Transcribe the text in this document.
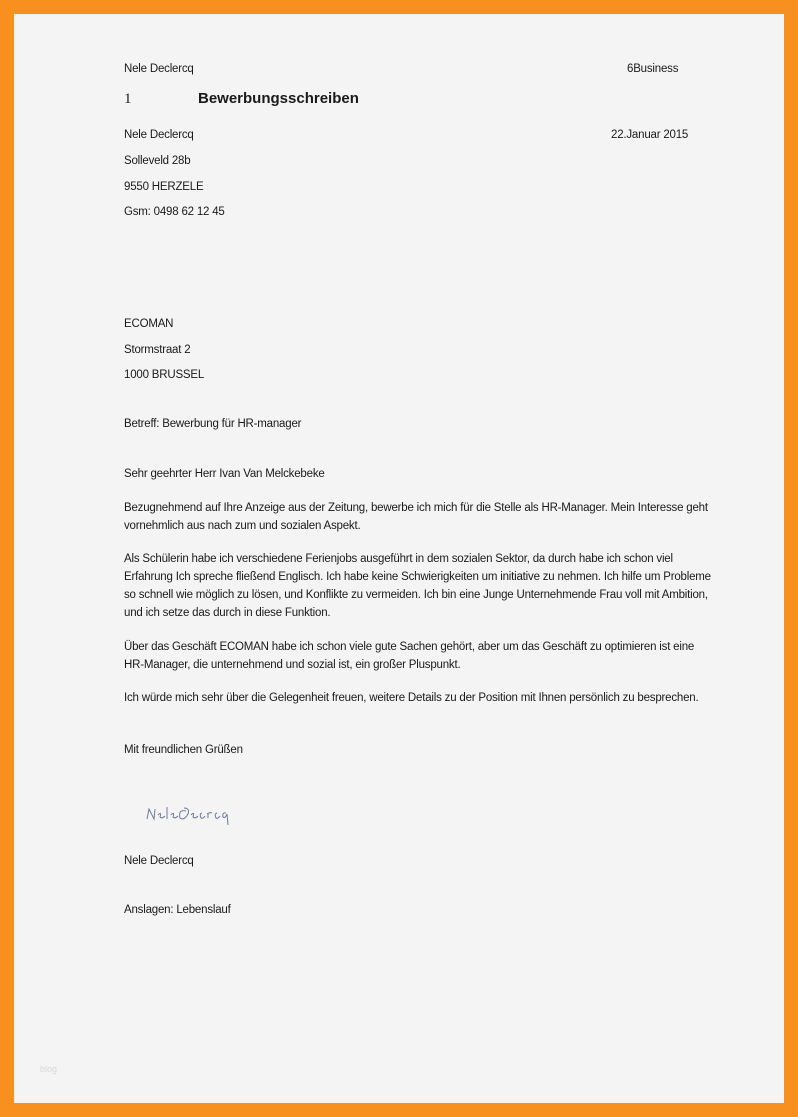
Nele Declercq	6Business
1	Bewerbungsschreiben
Nele Declercq	22.Januar 2015
Solleveld 28b
9550 HERZELE
Gsm: 0498 62 12 45
ECOMAN
Stormstraat 2
1000 BRUSSEL
Betreff: Bewerbung für HR-manager
Sehr geehrter Herr Ivan Van Melckebeke
Bezugnehmend auf Ihre Anzeige aus der Zeitung, bewerbe ich mich für die Stelle als HR-Manager. Mein Interesse geht vornehmlich aus nach zum und sozialen Aspekt.
Als Schülerin habe ich verschiedene Ferienjobs ausgeführt in dem sozialen Sektor, da durch habe ich schon viel Erfahrung Ich spreche fließend Englisch. Ich habe keine Schwierigkeiten um initiative zu nehmen. Ich hilfe um Probleme so schnell wie möglich zu lösen, und Konflikte zu vermeiden. Ich bin eine Junge Unternehmende Frau voll mit Ambition, und ich setze das durch in diese Funktion.
Über das Geschäft ECOMAN habe ich schon viele gute Sachen gehört, aber um das Geschäft zu optimieren ist eine HR-Manager, die unternehmend und sozial ist, ein großer Pluspunkt.
Ich würde mich sehr über die Gelegenheit freuen, weitere Details zu der Position mit Ihnen persönlich zu besprechen.
Mit freundlichen Grüßen
Nele Declercq
Anslagen: Lebenslauf
blog
